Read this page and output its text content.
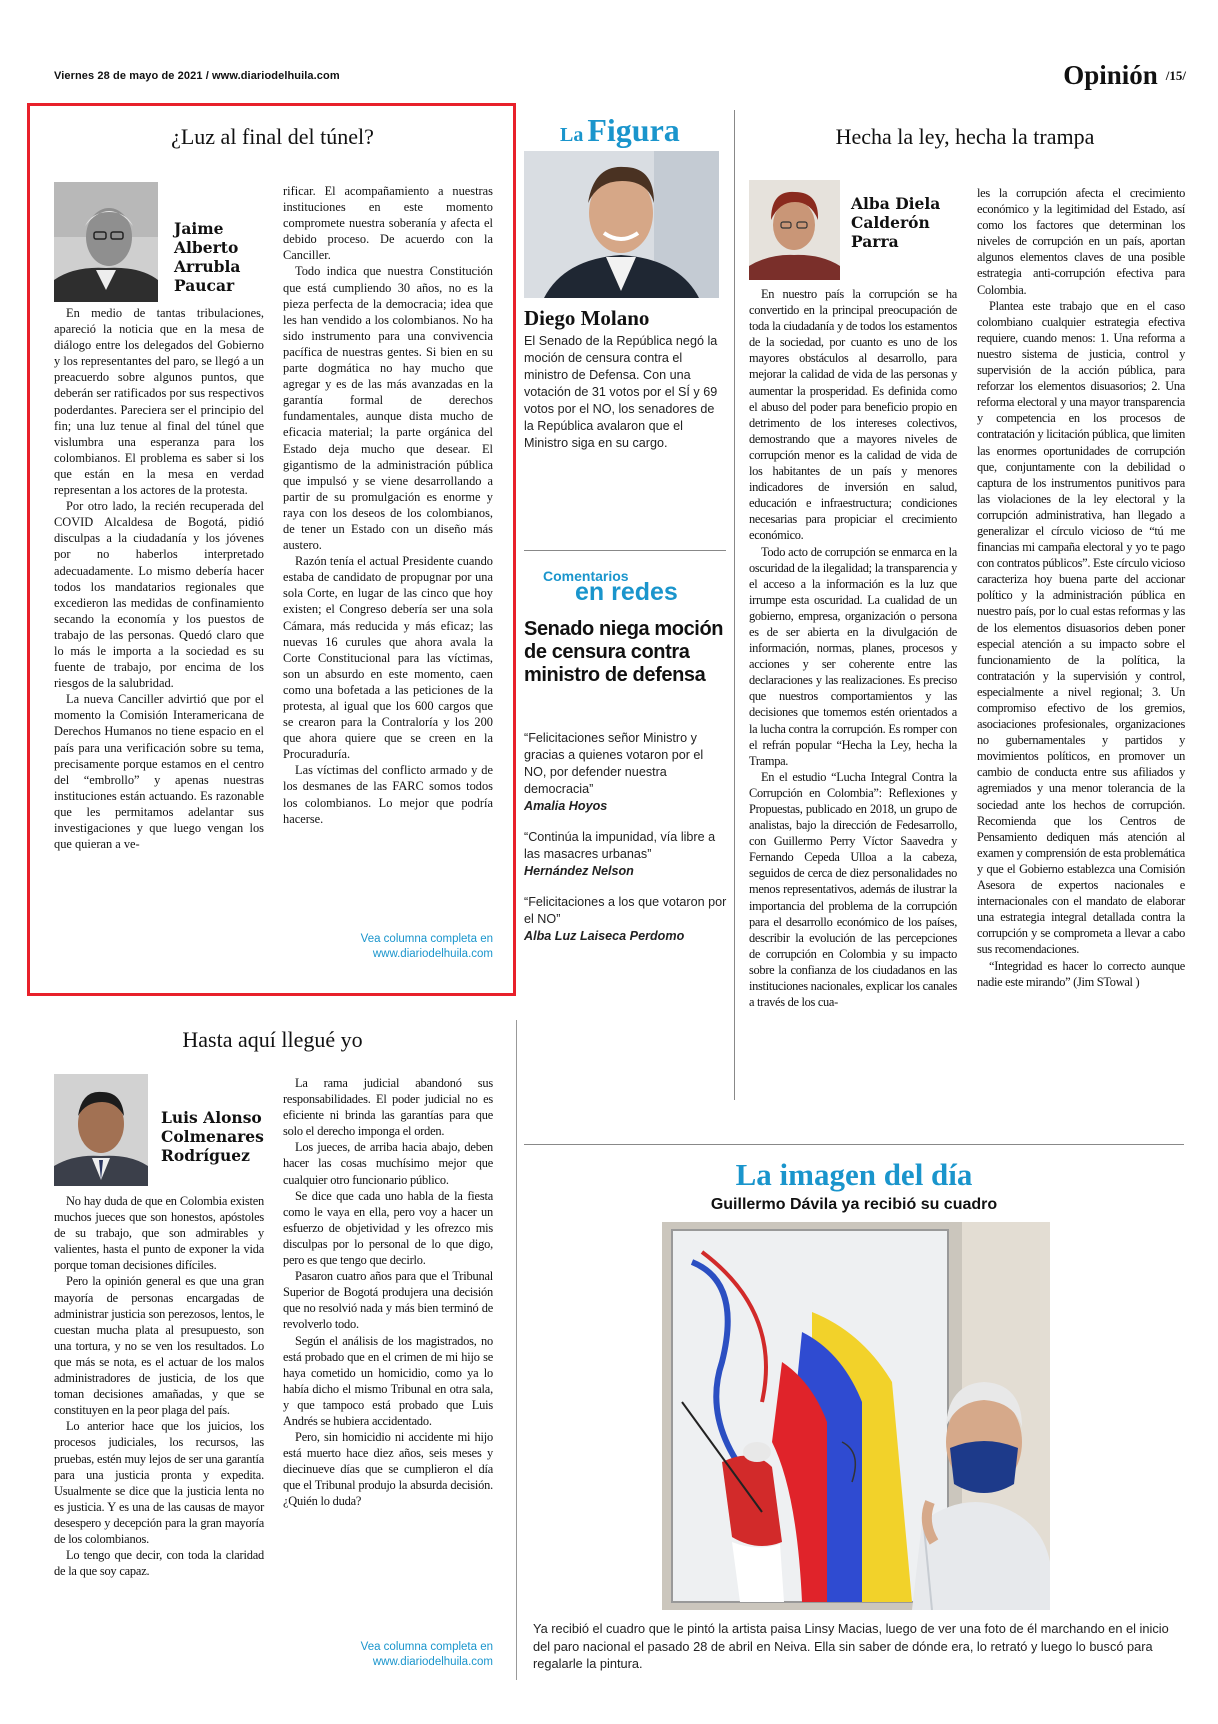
Viernes 28 de mayo de 2021 / www.diariodelhuila.com	Opinión $^{/15/}$
¿Luz al final del túnel?
Jaime
Alberto
Arrubla
Paucar

En medio de tantas tribulaciones, apareció la noticia que en la mesa de diálogo entre los delegados del Gobierno y los representantes del paro, se llegó a un preacuerdo sobre algunos puntos, que deberán ser ratificados por sus respectivos poderdantes. Pareciera ser el principio del fin; una luz tenue al final del túnel que vislumbra una esperanza para los colombianos. El problema es saber si los que están en la mesa en verdad representan a los actores de la protesta.

Por otro lado, la recién recuperada del COVID Alcaldesa de Bogotá, pidió disculpas a la ciudadanía y los jóvenes por no haberlos interpretado adecuadamente. Lo mismo debería hacer todos los mandatarios regionales que excedieron las medidas de confinamiento secando la economía y los puestos de trabajo de las personas. Quedó claro que lo más le importa a la sociedad es su fuente de trabajo, por encima de los riesgos de la salubridad.

La nueva Canciller advirtió que por el momento la Comisión Interamericana de Derechos Humanos no tiene espacio en el país para una verificación sobre su tema, precisamente porque estamos en el centro del “embrollo” y apenas nuestras instituciones están actuando. Es razonable que les permitamos adelantar sus investigaciones y que luego vengan los que quieran a ve-

rificar. El acompañamiento a nuestras instituciones en este momento compromete nuestra soberanía y afecta el debido proceso. De acuerdo con la Canciller.

Todo indica que nuestra Constitución que está cumpliendo 30 años, no es la pieza perfecta de la democracia; idea que les han vendido a los colombianos. No ha sido instrumento para una convivencia pacífica de nuestras gentes. Si bien en su parte dogmática no hay mucho que agregar y es de las más avanzadas en la garantía formal de derechos fundamentales, aunque dista mucho de eficacia material; la parte orgánica del Estado deja mucho que desear. El gigantismo de la administración pública que impulsó y se viene desarrollando a partir de su promulgación es enorme y raya con los deseos de los colombianos, de tener un Estado con un diseño más austero.

Razón tenía el actual Presidente cuando estaba de candidato de propugnar por una sola Corte, en lugar de las cinco que hoy existen; el Congreso debería ser una sola Cámara, más reducida y más eficaz; las nuevas 16 curules que ahora avala la Corte Constitucional para las víctimas, son un absurdo en este momento, caen como una bofetada a las peticiones de la protesta, al igual que los 600 cargos que se crearon para la Contraloría y los 200 que ahora quiere que se creen en la Procuraduría.

Las víctimas del conflicto armado y de los desmanes de las FARC somos todos los colombianos. Lo mejor que podría hacerse.

Vea columna completa en
www.diariodelhuila.com
La Figura
Diego Molano
El Senado de la República negó la moción de censura contra el ministro de Defensa. Con una votación de 31 votos por el SÍ y 69 votos por el NO, los senadores de la República avalaron que el Ministro siga en su cargo.
Comentarios
en redes
Senado niega moción de censura contra ministro de defensa
“Felicitaciones señor Ministro y gracias a quienes votaron por el NO, por defender nuestra democracia”
Amalia Hoyos
“Continúa la impunidad, vía libre a las masacres urbanas”
Hernández Nelson
“Felicitaciones a los que votaron por el NO”
Alba Luz Laiseca Perdomo
Hecha la ley, hecha la trampa
Alba Diela
Calderón
Parra

En nuestro país la corrupción se ha convertido en la principal preocupación de toda la ciudadanía y de todos los estamentos de la sociedad, por cuanto es uno de los mayores obstáculos al desarrollo, para mejorar la calidad de vida de las personas y aumentar la prosperidad. Es definida como el abuso del poder para beneficio propio en detrimento de los intereses colectivos, demostrando que a mayores niveles de corrupción menor es la calidad de vida de los habitantes de un país y menores indicadores de inversión en salud, educación e infraestructura; condiciones necesarias para propiciar el crecimiento económico.

Todo acto de corrupción se enmarca en la oscuridad de la ilegalidad; la transparencia y el acceso a la información es la luz que irrumpe esta oscuridad. La cualidad de un gobierno, empresa, organización o persona es de ser abierta en la divulgación de información, normas, planes, procesos y acciones y ser coherente entre las declaraciones y las realizaciones. Es preciso que nuestros comportamientos y las decisiones que tomemos estén orientados a la lucha contra la corrupción. Es romper con el refrán popular “Hecha la Ley, hecha la Trampa.

En el estudio “Lucha Integral Contra la Corrupción en Colombia”: Reflexiones y Propuestas, publicado en 2018, un grupo de analistas, bajo la dirección de Fedesarrollo, con Guillermo Perry Víctor Saavedra y Fernando Cepeda Ulloa a la cabeza, seguidos de cerca de diez personalidades no menos representativos, además de ilustrar la importancia del problema de la corrupción para el desarrollo económico de los países, describir la evolución de las percepciones de corrupción en Colombia y su impacto sobre la confianza de los ciudadanos en las instituciones nacionales, explicar los canales a través de los cua-

les la corrupción afecta el crecimiento económico y la legitimidad del Estado, así como los factores que determinan los niveles de corrupción en un país, aportan algunos elementos claves de una posible estrategia anti-corrupción efectiva para Colombia.

Plantea este trabajo que en el caso colombiano cualquier estrategia efectiva requiere, cuando menos: 1. Una reforma a nuestro sistema de justicia, control y supervisión de la acción pública, para reforzar los elementos disuasorios; 2. Una reforma electoral y una mayor transparencia y competencia en los procesos de contratación y licitación pública, que limiten las enormes oportunidades de corrupción que, conjuntamente con la debilidad o captura de los instrumentos punitivos para las violaciones de la ley electoral y la corrupción administrativa, han llegado a generalizar el círculo vicioso de “tú me financias mi campaña electoral y yo te pago con contratos públicos”. Este círculo vicioso caracteriza hoy buena parte del accionar político y la administración pública en nuestro país, por lo cual estas reformas y las de los elementos disuasorios deben poner especial atención a su impacto sobre el funcionamiento de la política, la contratación y la supervisión y control, especialmente a nivel regional; 3. Un compromiso efectivo de los gremios, asociaciones profesionales, organizaciones no gubernamentales y partidos y movimientos políticos, en promover un cambio de conducta entre sus afiliados y agremiados y una menor tolerancia de la sociedad ante los hechos de corrupción. Recomienda que los Centros de Pensamiento dediquen más atención al examen y comprensión de esta problemática y que el Gobierno establezca una Comisión Asesora de expertos nacionales e internacionales con el mandato de elaborar una estrategia integral detallada contra la corrupción y se comprometa a llevar a cabo sus recomendaciones.

“Integridad es hacer lo correcto aunque nadie este mirando” (Jim STowal )

Hasta aquí llegué yo
Luis Alonso
Colmenares
Rodríguez

No hay duda de que en Colombia existen muchos jueces que son honestos, apóstoles de su trabajo, que son admirables y valientes, hasta el punto de exponer la vida porque toman decisiones difíciles.

Pero la opinión general es que una gran mayoría de personas encargadas de administrar justicia son perezosos, lentos, le cuestan mucha plata al presupuesto, son una tortura, y no se ven los resultados. Lo que más se nota, es el actuar de los malos administradores de justicia, de los que toman decisiones amañadas, y que se constituyen en la peor plaga del país.

Lo anterior hace que los juicios, los procesos judiciales, los recursos, las pruebas, estén muy lejos de ser una garantía para una justicia pronta y expedita. Usualmente se dice que la justicia lenta no es justicia. Y es una de las causas de mayor desespero y decepción para la gran mayoría de los colombianos.

Lo tengo que decir, con toda la claridad de la que soy capaz.

La rama judicial abandonó sus responsabilidades. El poder judicial no es eficiente ni brinda las garantías para que solo el derecho imponga el orden.

Los jueces, de arriba hacia abajo, deben hacer las cosas muchísimo mejor que cualquier otro funcionario público.

Se dice que cada uno habla de la fiesta como le vaya en ella, pero voy a hacer un esfuerzo de objetividad y les ofrezco mis disculpas por lo personal de lo que digo, pero es que tengo que decirlo.

Pasaron cuatro años para que el Tribunal Superior de Bogotá produjera una decisión que no resolvió nada y más bien terminó de revolverlo todo.

Según el análisis de los magistrados, no está probado que en el crimen de mi hijo se haya cometido un homicidio, como ya lo había dicho el mismo Tribunal en otra sala, y que tampoco está probado que Luis Andrés se hubiera accidentado.

Pero, sin homicidio ni accidente mi hijo está muerto hace diez años, seis meses y diecinueve días que se cumplieron el día que el Tribunal produjo la absurda decisión. ¿Quién lo duda?

Vea columna completa en
www.diariodelhuila.com
La imagen del día
Guillermo Dávila ya recibió su cuadro
Ya recibió el cuadro que le pintó la artista paisa Linsy Macias, luego de ver una foto de él marchando en el inicio del paro nacional el pasado 28 de abril en Neiva. Ella sin saber de dónde era, lo retrató y luego lo buscó para regalarle la pintura.
